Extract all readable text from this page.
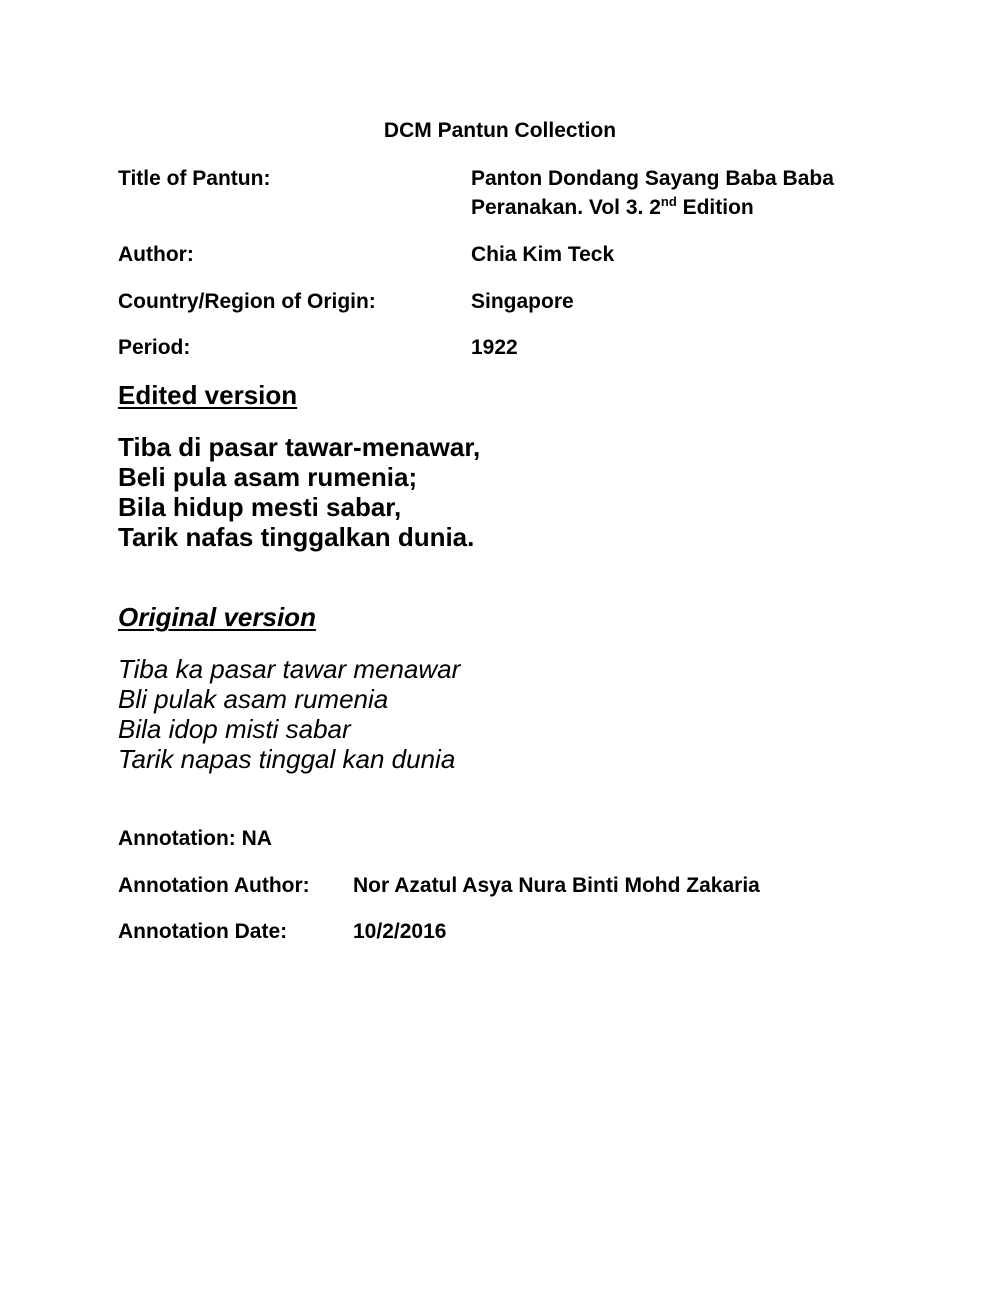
DCM Pantun Collection
Title of Pantun:	Panton Dondang Sayang Baba Baba
Peranakan. Vol 3. 2nd Edition
Author:	Chia Kim Teck
Country/Region of Origin:	Singapore
Period:	1922
Edited version
Tiba di pasar tawar-menawar,
Beli pula asam rumenia;
Bila hidup mesti sabar,
Tarik nafas tinggalkan dunia.
Original version
Tiba ka pasar tawar menawar
Bli pulak asam rumenia
Bila idop misti sabar
Tarik napas tinggal kan dunia
Annotation: NA
Annotation Author: Nor Azatul Asya Nura Binti Mohd Zakaria
Annotation Date:	10/2/2016
